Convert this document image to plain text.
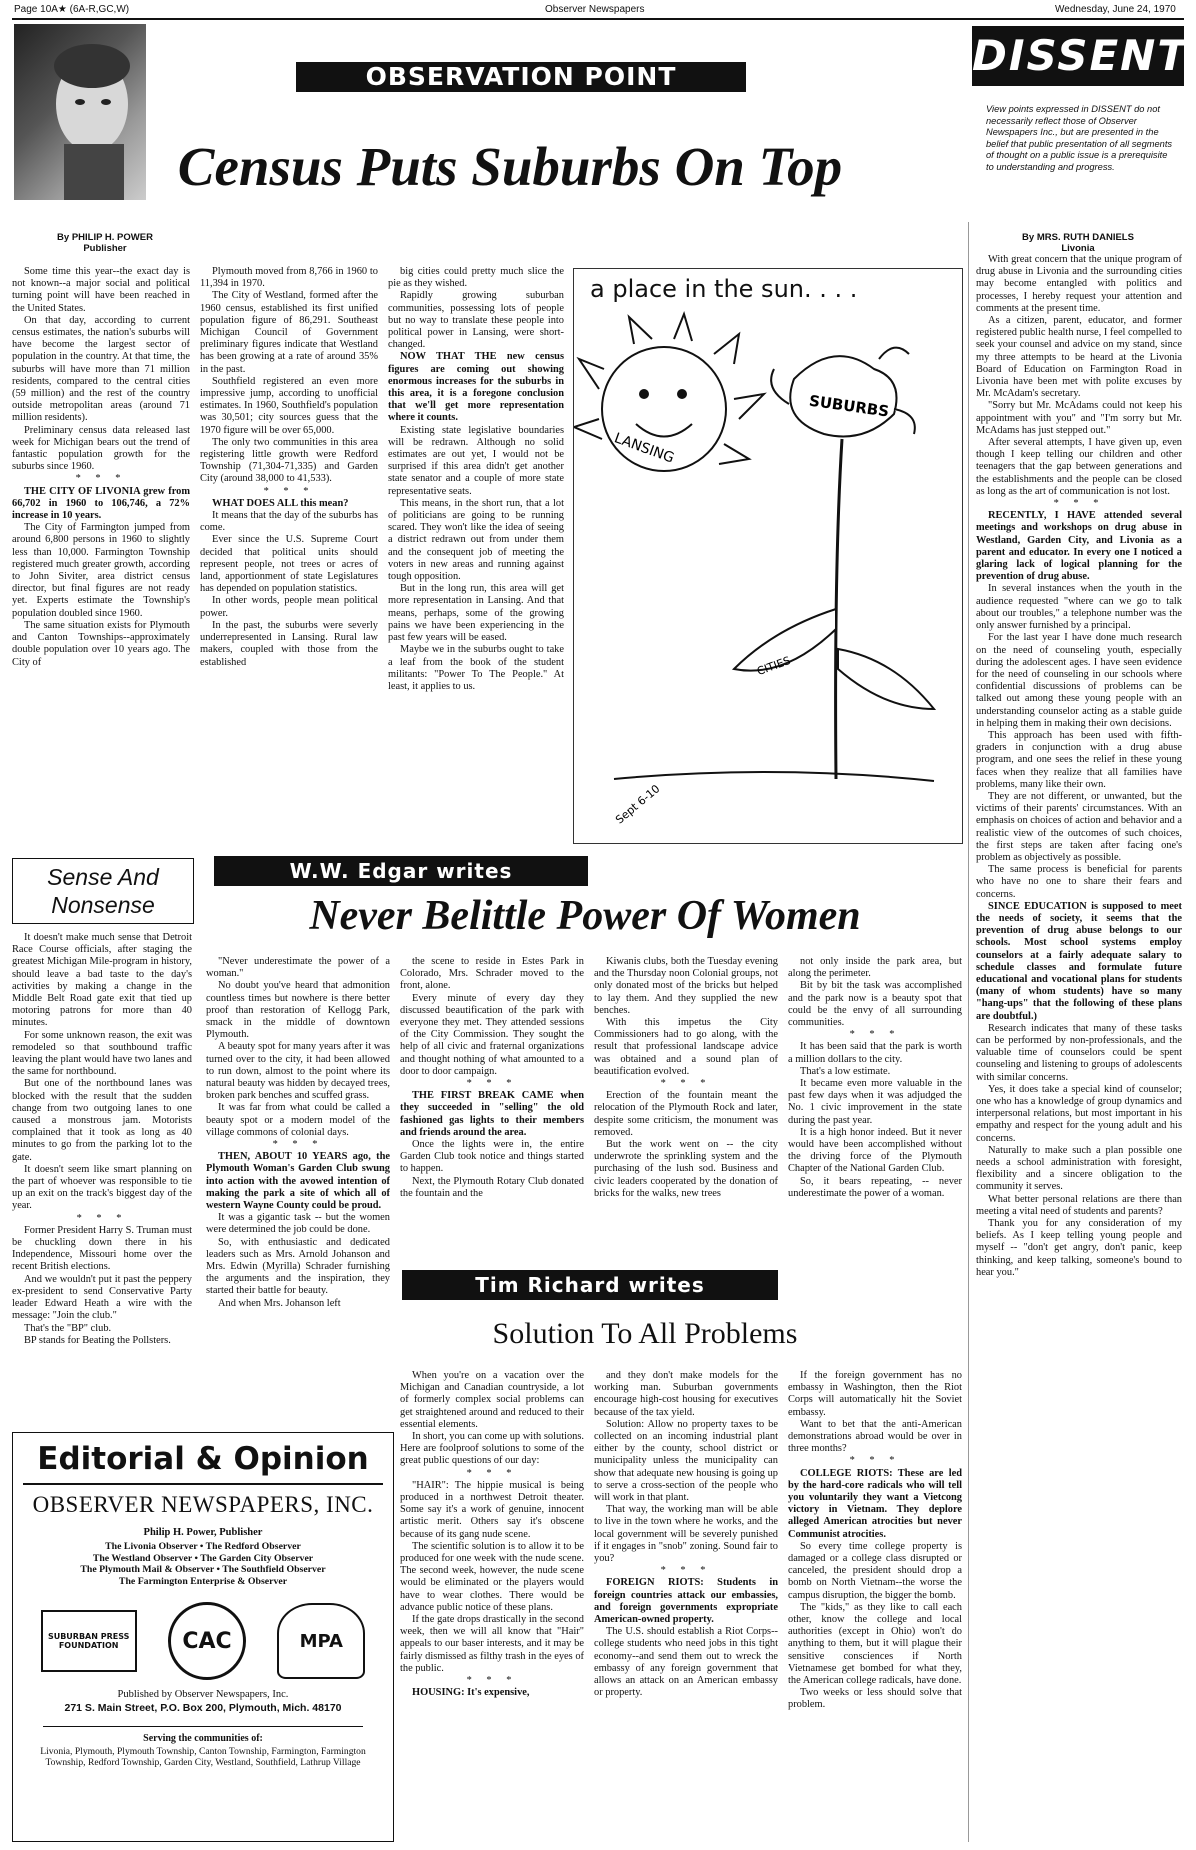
Page 10A★ (6A-R,GC,W)	Observer Newspapers	Wednesday, June 24, 1970
OBSERVATION POINT
Census Puts Suburbs On Top
By PHILIP H. POWER
Publisher

Some time this year--the exact day is not known--a major social and political turning point will have been reached in the United States.

On that day, according to current census estimates, the nation's suburbs will have become the largest sector of population in the country. At that time, the suburbs will have more than 71 million residents, compared to the central cities (59 million) and the rest of the country outside metropolitan areas (around 71 million residents).

Preliminary census data released last week for Michigan bears out the trend of fantastic population growth for the suburbs since 1960.

* * *

THE CITY OF LIVONIA grew from 66,702 in 1960 to 106,746, a 72% increase in 10 years.

The City of Farmington jumped from around 6,800 persons in 1960 to slightly less than 10,000. Farmington Township registered much greater growth, according to John Siviter, area district census director, but final figures are not ready yet. Experts estimate the Township's population doubled since 1960.

The same situation exists for Plymouth and Canton Townships--approximately double population over 10 years ago. The City of

Plymouth moved from 8,766 in 1960 to 11,394 in 1970.

The City of Westland, formed after the 1960 census, established its first unified population figure of 86,291. Southeast Michigan Council of Government preliminary figures indicate that Westland has been growing at a rate of around 35% in the past.

Southfield registered an even more impressive jump, according to unofficial estimates. In 1960, Southfield's population was 30,501; city sources guess that the 1970 figure will be over 65,000.

The only two communities in this area registering little growth were Redford Township (71,304-71,335) and Garden City (around 38,000 to 41,533).

* * *

WHAT DOES ALL this mean?

It means that the day of the suburbs has come.

Ever since the U.S. Supreme Court decided that political units should represent people, not trees or acres of land, apportionment of state Legislatures has depended on population statistics.

In other words, people mean political power.

In the past, the suburbs were severly underrepresented in Lansing. Rural law makers, coupled with those from the established

big cities could pretty much slice the pie as they wished.

Rapidly growing suburban communities, possessing lots of people but no way to translate these people into political power in Lansing, were short-changed.

NOW THAT THE new census figures are coming out showing enormous increases for the suburbs in this area, it is a foregone conclusion that we'll get more representation where it counts.

Existing state legislative boundaries will be redrawn. Although no solid estimates are out yet, I would not be surprised if this area didn't get another state senator and a couple of more state representative seats.

This means, in the short run, that a lot of politicians are going to be running scared. They won't like the idea of seeing a district redrawn out from under them and the consequent job of meeting the voters in new areas and running against tough opposition.

But in the long run, this area will get more representation in Lansing. And that means, perhaps, some of the growing pains we have been experiencing in the past few years will be eased.

Maybe we in the suburbs ought to take a leaf from the book of the student militants: "Power To The People." At least, it applies to us.

a place in the sun. . . .
LANSING
SUBURBS
CITIES
Sept 6-10
DISSENT
View points expressed in DISSENT do not necessarily reflect those of Observer Newspapers Inc., but are presented in the belief that public presentation of all segments of thought on a public issue is a prerequisite to understanding and progress.
By MRS. RUTH DANIELS
Livonia

With great concern that the unique program of drug abuse in Livonia and the surrounding cities may become entangled with politics and processes, I hereby request your attention and comments at the present time.

As a citizen, parent, educator, and former registered public health nurse, I feel compelled to seek your counsel and advice on my stand, since my three attempts to be heard at the Livonia Board of Education on Farmington Road in Livonia have been met with polite excuses by Mr. McAdam's secretary.

"Sorry but Mr. McAdams could not keep his appointment with you" and "I'm sorry but Mr. McAdams has just stepped out."

After several attempts, I have given up, even though I keep telling our children and other teenagers that the gap between generations and the establishments and the people can be closed as long as the art of communication is not lost.

* * *

RECENTLY, I HAVE attended several meetings and workshops on drug abuse in Westland, Garden City, and Livonia as a parent and educator. In every one I noticed a glaring lack of logical planning for the prevention of drug abuse.

In several instances when the youth in the audience requested "where can we go to talk about our troubles," a telephone number was the only answer furnished by a principal.

For the last year I have done much research on the need of counseling youth, especially during the adolescent ages. I have seen evidence for the need of counseling in our schools where confidential discussions of problems can be talked out among these young people with an understanding counselor acting as a stable guide in helping them in making their own decisions.

This approach has been used with fifth-graders in conjunction with a drug abuse program, and one sees the relief in these young faces when they realize that all families have problems, many like their own.

They are not different, or unwanted, but the victims of their parents' circumstances. With an emphasis on choices of action and behavior and a realistic view of the outcomes of such choices, the first steps are taken after facing one's problem as objectively as possible.

The same process is beneficial for parents who have no one to share their fears and concerns.

SINCE EDUCATION is supposed to meet the needs of society, it seems that the prevention of drug abuse belongs to our schools. Most school systems employ counselors at a fairly adequate salary to schedule classes and formulate future educational and vocational plans for students (many of whom students) have so many "hang-ups" that the following of these plans are doubtful.)

Research indicates that many of these tasks can be performed by non-professionals, and the valuable time of counselors could be spent counseling and listening to groups of adolescents with similar concerns.

Yes, it does take a special kind of counselor; one who has a knowledge of group dynamics and interpersonal relations, but most important in his empathy and respect for the young adult and his concerns.

Naturally to make such a plan possible one needs a school administration with foresight, flexibility and a sincere obligation to the community it serves.

What better personal relations are there than meeting a vital need of students and parents?

Thank you for any consideration of my beliefs. As I keep telling young people and myself -- "don't get angry, don't panic, keep thinking, and keep talking, someone's bound to hear you."

Sense And
Nonsense

It doesn't make much sense that Detroit Race Course officials, after staging the greatest Michigan Mile-program in history, should leave a bad taste to the day's activities by making a change in the Middle Belt Road gate exit that tied up motoring patrons for more than 40 minutes.

For some unknown reason, the exit was remodeled so that southbound traffic leaving the plant would have two lanes and the same for northbound.

But one of the northbound lanes was blocked with the result that the sudden change from two outgoing lanes to one caused a monstrous jam. Motorists complained that it took as long as 40 minutes to go from the parking lot to the gate.

It doesn't seem like smart planning on the part of whoever was responsible to tie up an exit on the track's biggest day of the year.

* * *

Former President Harry S. Truman must be chuckling down there in his Independence, Missouri home over the recent British elections.

And we wouldn't put it past the peppery ex-president to send Conservative Party leader Edward Heath a wire with the message: "Join the club."

That's the "BP" club.

BP stands for Beating the Pollsters.

W.W. Edgar writes
Never Belittle Power Of Women

"Never underestimate the power of a woman."

No doubt you've heard that admonition countless times but nowhere is there better proof than restoration of Kellogg Park, smack in the middle of downtown Plymouth.

A beauty spot for many years after it was turned over to the city, it had been allowed to run down, almost to the point where its natural beauty was hidden by decayed trees, broken park benches and scuffed grass.

It was far from what could be called a beauty spot or a modern model of the village commons of colonial days.

* * *

THEN, ABOUT 10 YEARS ago, the Plymouth Woman's Garden Club swung into action with the avowed intention of making the park a site of which all of western Wayne County could be proud.

It was a gigantic task -- but the women were determined the job could be done.

So, with enthusiastic and dedicated leaders such as Mrs. Arnold Johanson and Mrs. Edwin (Myrilla) Schrader furnishing the arguments and the inspiration, they started their battle for beauty.

And when Mrs. Johanson left

the scene to reside in Estes Park in Colorado, Mrs. Schrader moved to the front, alone.

Every minute of every day they discussed beautification of the park with everyone they met. They attended sessions of the City Commission. They sought the help of all civic and fraternal organizations and thought nothing of what amounted to a door to door campaign.

* * *

THE FIRST BREAK CAME when they succeeded in "selling" the old fashioned gas lights to their members and friends around the area.

Once the lights were in, the entire Garden Club took notice and things started to happen.

Next, the Plymouth Rotary Club donated the fountain and the

Kiwanis clubs, both the Tuesday evening and the Thursday noon Colonial groups, not only donated most of the bricks but helped to lay them. And they supplied the new benches.

With this impetus the City Commissioners had to go along, with the result that professional landscape advice was obtained and a sound plan of beautification evolved.

* * *

Erection of the fountain meant the relocation of the Plymouth Rock and later, despite some criticism, the monument was removed.

But the work went on -- the city underwrote the sprinkling system and the purchasing of the lush sod. Business and civic leaders cooperated by the donation of bricks for the walks, new trees

not only inside the park area, but along the perimeter.

Bit by bit the task was accomplished and the park now is a beauty spot that could be the envy of all surrounding communities.

* * *

It has been said that the park is worth a million dollars to the city.

That's a low estimate.

It became even more valuable in the past few days when it was adjudged the No. 1 civic improvement in the state during the past year.

It is a high honor indeed. But it never would have been accomplished without the driving force of the Plymouth Chapter of the National Garden Club.

So, it bears repeating, -- never underestimate the power of a woman.

Editorial & Opinion
OBSERVER NEWSPAPERS, INC.
Philip H. Power, Publisher
The Livonia Observer • The Redford Observer
The Westland Observer • The Garden City Observer
The Plymouth Mail & Observer • The Southfield Observer
The Farmington Enterprise & Observer
SUBURBAN PRESS FOUNDATION	CAC	MPA
Published by Observer Newspapers, Inc.
271 S. Main Street, P.O. Box 200, Plymouth, Mich. 48170
Serving the communities of:
Livonia, Plymouth, Plymouth Township, Canton Township, Farmington, Farmington Township, Redford Township, Garden City, Westland, Southfield, Lathrup Village
Tim Richard writes
Solution To All Problems

When you're on a vacation over the Michigan and Canadian countryside, a lot of formerly complex social problems can get straightened around and reduced to their essential elements.

In short, you can come up with solutions. Here are foolproof solutions to some of the great public questions of our day:

* * *

"HAIR": The hippie musical is being produced in a northwest Detroit theater. Some say it's a work of genuine, innocent artistic merit. Others say it's obscene because of its gang nude scene.

The scientific solution is to allow it to be produced for one week with the nude scene. The second week, however, the nude scene would be eliminated or the players would have to wear clothes. There would be advance public notice of these plans.

If the gate drops drastically in the second week, then we will all know that "Hair" appeals to our baser interests, and it may be fairly dismissed as filthy trash in the eyes of the public.

* * *

HOUSING: It's expensive,

and they don't make models for the working man. Suburban governments encourage high-cost housing for executives because of the tax yield.

Solution: Allow no property taxes to be collected on an incoming industrial plant either by the county, school district or municipality unless the municipality can show that adequate new housing is going up to serve a cross-section of the people who will work in that plant.

That way, the working man will be able to live in the town where he works, and the local government will be severely punished if it engages in "snob" zoning. Sound fair to you?

* * *

FOREIGN RIOTS: Students in foreign countries attack our embassies, and foreign governments expropriate American-owned property.

The U.S. should establish a Riot Corps--college students who need jobs in this tight economy--and send them out to wreck the embassy of any foreign government that allows an attack on an American embassy or property.

If the foreign government has no embassy in Washington, then the Riot Corps will automatically hit the Soviet embassy.

Want to bet that the anti-American demonstrations abroad would be over in three months?

* * *

COLLEGE RIOTS: These are led by the hard-core radicals who will tell you voluntarily they want a Vietcong victory in Vietnam. They deplore alleged American atrocities but never Communist atrocities.

So every time college property is damaged or a college class disrupted or canceled, the president should drop a bomb on North Vietnam--the worse the campus disruption, the bigger the bomb.

The "kids," as they like to call each other, know the college and local authorities (except in Ohio) won't do anything to them, but it will plague their sensitive consciences if North Vietnamese get bombed for what they, the American college radicals, have done.

Two weeks or less should solve that problem.
